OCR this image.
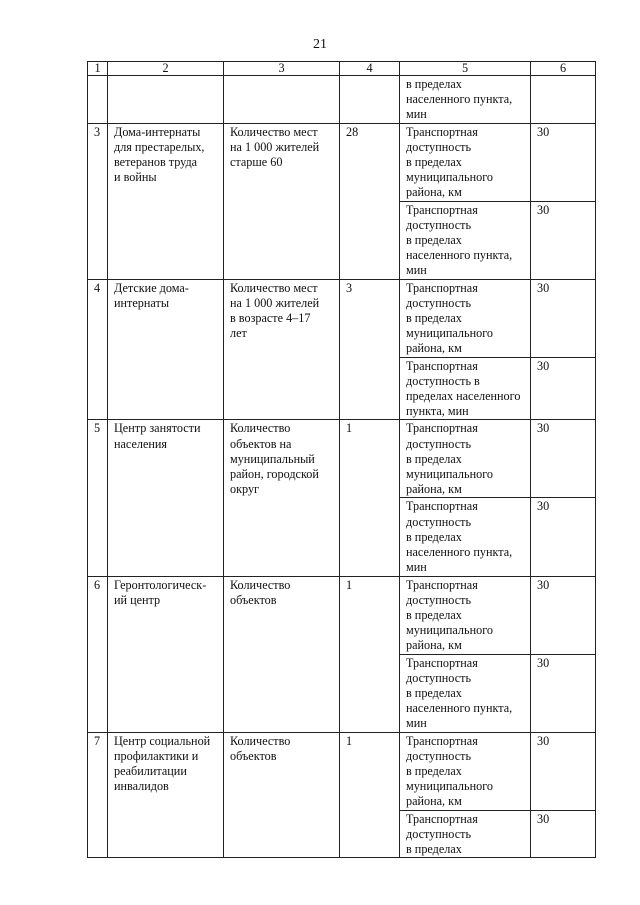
21
1	2	3	4	5	6

				в пределах
населенного пункта,
мин	

3	Дома-интернаты
для престарелых,
ветеранов труда
и войны	Количество мест
на 1 000 жителей
старше 60	28	Транспортная
доступность
в пределах
муниципального
района, км	30

				Транспортная
доступность
в пределах
населенного пункта,
мин	30

4	Детские дома-
интернаты	Количество мест
на 1 000 жителей
в возрасте 4–17
лет	3	Транспортная
доступность
в пределах
муниципального
района, км	30

				Транспортная
доступность в
пределах населенного
пункта, мин	30

5	Центр занятости
населения	Количество
объектов на
муниципальный
район, городской
округ	1	Транспортная
доступность
в пределах
муниципального
района, км	30

				Транспортная
доступность
в пределах
населенного пункта,
мин	30

6	Геронтологическ-
ий центр	Количество
объектов	1	Транспортная
доступность
в пределах
муниципального
района, км	30

				Транспортная
доступность
в пределах
населенного пункта,
мин	30

7	Центр социальной
профилактики и
реабилитации
инвалидов	Количество
объектов	1	Транспортная
доступность
в пределах
муниципального
района, км	30

				Транспортная
доступность
в пределах	30
